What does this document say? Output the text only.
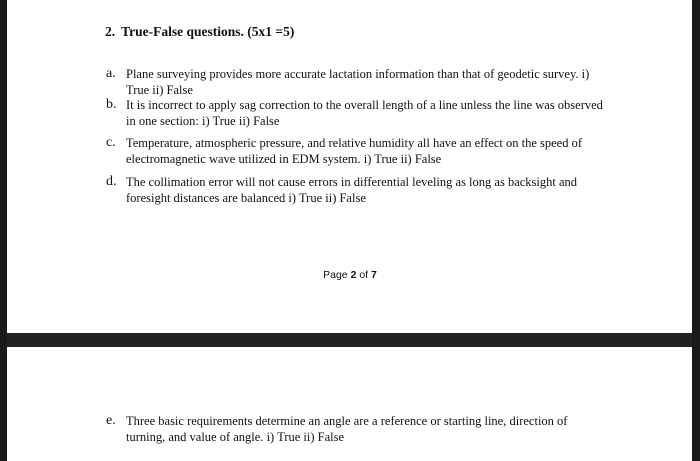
2. True-False questions. (5x1 =5)
a. Plane surveying provides more accurate lactation information than that of geodetic survey. i) True ii) False
b. It is incorrect to apply sag correction to the overall length of a line unless the line was observed in one section: i) True ii) False
c. Temperature, atmospheric pressure, and relative humidity all have an effect on the speed of electromagnetic wave utilized in EDM system. i) True ii) False
d. The collimation error will not cause errors in differential leveling as long as backsight and foresight distances are balanced i) True ii) False
Page 2 of 7
e. Three basic requirements determine an angle are a reference or starting line, direction of turning, and value of angle. i) True ii) False
